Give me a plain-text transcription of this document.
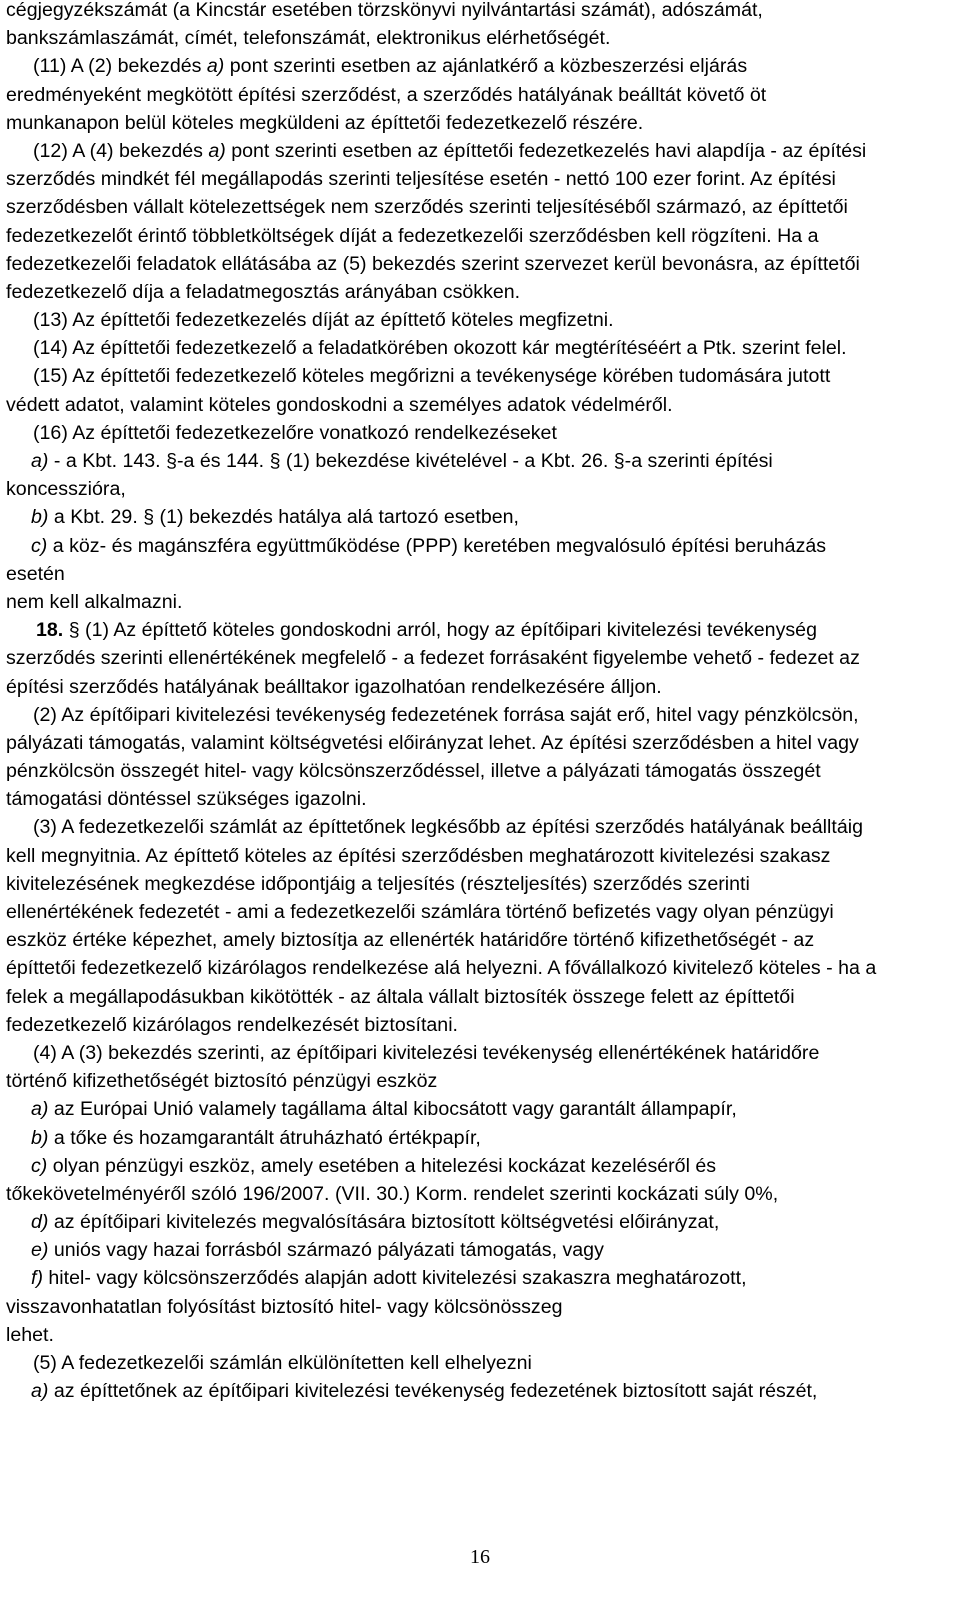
cégjegyzékszámát (a Kincstár esetében törzskönyvi nyilvántartási számát), adószámát,
bankszámlaszámát, címét, telefonszámát, elektronikus elérhetőségét.
(11) A (2) bekezdés a) pont szerinti esetben az ajánlatkérő a közbeszerzési eljárás
eredményeként megkötött építési szerződést, a szerződés hatályának beálltát követő öt
munkanapon belül köteles megküldeni az építtetői fedezetkezelő részére.
(12) A (4) bekezdés a) pont szerinti esetben az építtetői fedezetkezelés havi alapdíja - az építési
szerződés mindkét fél megállapodás szerinti teljesítése esetén - nettó 100 ezer forint. Az építési
szerződésben vállalt kötelezettségek nem szerződés szerinti teljesítéséből származó, az építtetői
fedezetkezelőt érintő többletköltségek díját a fedezetkezelői szerződésben kell rögzíteni. Ha a
fedezetkezelői feladatok ellátásába az (5) bekezdés szerint szervezet kerül bevonásra, az építtetői
fedezetkezelő díja a feladatmegosztás arányában csökken.
(13) Az építtetői fedezetkezelés díját az építtető köteles megfizetni.
(14) Az építtetői fedezetkezelő a feladatkörében okozott kár megtérítéséért a Ptk. szerint felel.
(15) Az építtetői fedezetkezelő köteles megőrizni a tevékenysége körében tudomására jutott
védett adatot, valamint köteles gondoskodni a személyes adatok védelméről.
(16) Az építtetői fedezetkezelőre vonatkozó rendelkezéseket
a) - a Kbt. 143. §-a és 144. § (1) bekezdése kivételével - a Kbt. 26. §-a szerinti építési
koncesszióra,
b) a Kbt. 29. § (1) bekezdés hatálya alá tartozó esetben,
c) a köz- és magánszféra együttműködése (PPP) keretében megvalósuló építési beruházás
esetén
nem kell alkalmazni.
18. § (1) Az építtető köteles gondoskodni arról, hogy az építőipari kivitelezési tevékenység
szerződés szerinti ellenértékének megfelelő - a fedezet forrásaként figyelembe vehető - fedezet az
építési szerződés hatályának beálltakor igazolhatóan rendelkezésére álljon.
(2) Az építőipari kivitelezési tevékenység fedezetének forrása saját erő, hitel vagy pénzkölcsön,
pályázati támogatás, valamint költségvetési előirányzat lehet. Az építési szerződésben a hitel vagy
pénzkölcsön összegét hitel- vagy kölcsönszerződéssel, illetve a pályázati támogatás összegét
támogatási döntéssel szükséges igazolni.
(3) A fedezetkezelői számlát az építtetőnek legkésőbb az építési szerződés hatályának beálltáig
kell megnyitnia. Az építtető köteles az építési szerződésben meghatározott kivitelezési szakasz
kivitelezésének megkezdése időpontjáig a teljesítés (részteljesítés) szerződés szerinti
ellenértékének fedezetét - ami a fedezetkezelői számlára történő befizetés vagy olyan pénzügyi
eszköz értéke képezhet, amely biztosítja az ellenérték határidőre történő kifizethetőségét - az
építtetői fedezetkezelő kizárólagos rendelkezése alá helyezni. A fővállalkozó kivitelező köteles - ha a
felek a megállapodásukban kikötötték - az általa vállalt biztosíték összege felett az építtetői
fedezetkezelő kizárólagos rendelkezését biztosítani.
(4) A (3) bekezdés szerinti, az építőipari kivitelezési tevékenység ellenértékének határidőre
történő kifizethetőségét biztosító pénzügyi eszköz
a) az Európai Unió valamely tagállama által kibocsátott vagy garantált állampapír,
b) a tőke és hozamgarantált átruházható értékpapír,
c) olyan pénzügyi eszköz, amely esetében a hitelezési kockázat kezeléséről és
tőkekövetelményéről szóló 196/2007. (VII. 30.) Korm. rendelet szerinti kockázati súly 0%,
d) az építőipari kivitelezés megvalósítására biztosított költségvetési előirányzat,
e) uniós vagy hazai forrásból származó pályázati támogatás, vagy
f) hitel- vagy kölcsönszerződés alapján adott kivitelezési szakaszra meghatározott,
visszavonhatatlan folyósítást biztosító hitel- vagy kölcsönösszeg
lehet.
(5) A fedezetkezelői számlán elkülönítetten kell elhelyezni
a) az építtetőnek az építőipari kivitelezési tevékenység fedezetének biztosított saját részét,
16
